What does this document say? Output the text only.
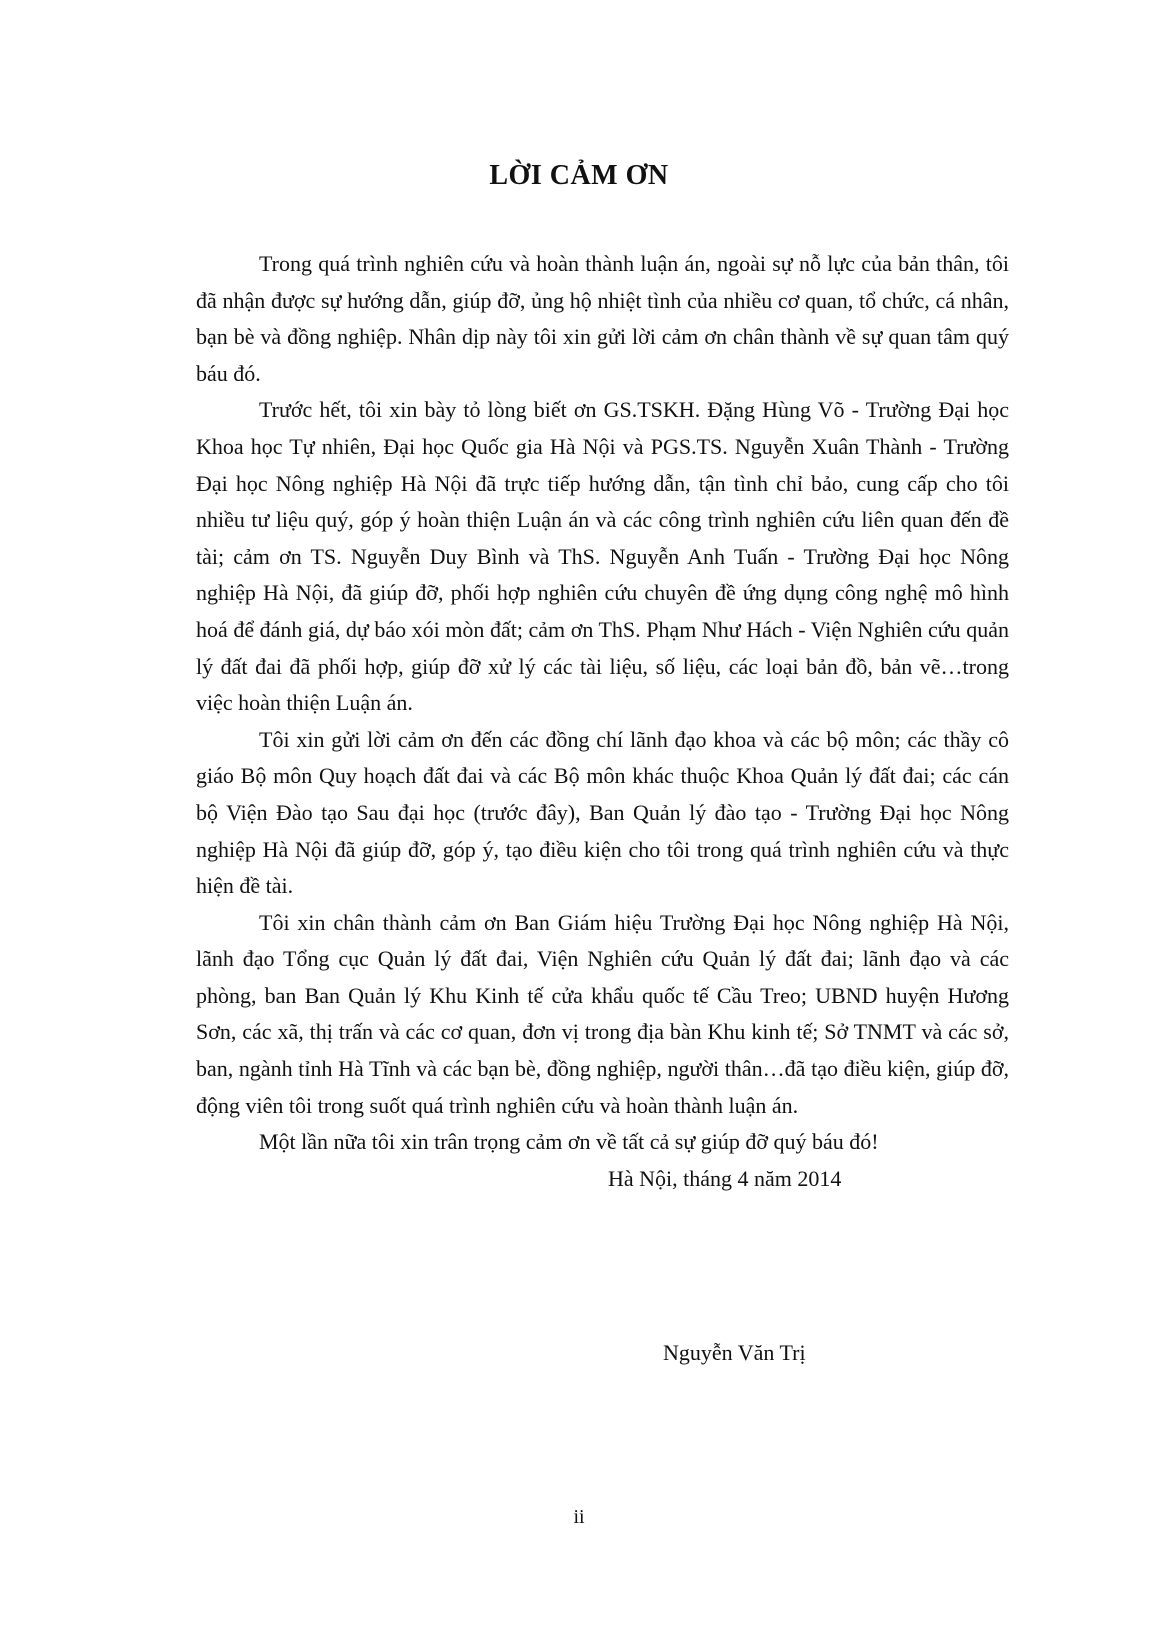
LỜI CẢM ƠN

Trong quá trình nghiên cứu và hoàn thành luận án, ngoài sự nỗ lực của bản thân, tôi đã nhận được sự hướng dẫn, giúp đỡ, ủng hộ nhiệt tình của nhiều cơ quan, tổ chức, cá nhân, bạn bè và đồng nghiệp. Nhân dịp này tôi xin gửi lời cảm ơn chân thành về sự quan tâm quý báu đó.

Trước hết, tôi xin bày tỏ lòng biết ơn GS.TSKH. Đặng Hùng Võ - Trường Đại học Khoa học Tự nhiên, Đại học Quốc gia Hà Nội và PGS.TS. Nguyễn Xuân Thành - Trường Đại học Nông nghiệp Hà Nội đã trực tiếp hướng dẫn, tận tình chỉ bảo, cung cấp cho tôi nhiều tư liệu quý, góp ý hoàn thiện Luận án và các công trình nghiên cứu liên quan đến đề tài; cảm ơn TS. Nguyễn Duy Bình và ThS. Nguyễn Anh Tuấn - Trường Đại học Nông nghiệp Hà Nội, đã giúp đỡ, phối hợp nghiên cứu chuyên đề ứng dụng công nghệ mô hình hoá để đánh giá, dự báo xói mòn đất; cảm ơn ThS. Phạm Như Hách - Viện Nghiên cứu quản lý đất đai đã phối hợp, giúp đỡ xử lý các tài liệu, số liệu, các loại bản đồ, bản vẽ…trong việc hoàn thiện Luận án.

Tôi xin gửi lời cảm ơn đến các đồng chí lãnh đạo khoa và các bộ môn; các thầy cô giáo Bộ môn Quy hoạch đất đai và các Bộ môn khác thuộc Khoa Quản lý đất đai; các cán bộ Viện Đào tạo Sau đại học (trước đây), Ban Quản lý đào tạo - Trường Đại học Nông nghiệp Hà Nội đã giúp đỡ, góp ý, tạo điều kiện cho tôi trong quá trình nghiên cứu và thực hiện đề tài.

Tôi xin chân thành cảm ơn Ban Giám hiệu Trường Đại học Nông nghiệp Hà Nội, lãnh đạo Tổng cục Quản lý đất đai, Viện Nghiên cứu Quản lý đất đai; lãnh đạo và các phòng, ban Ban Quản lý Khu Kinh tế cửa khẩu quốc tế Cầu Treo; UBND huyện Hương Sơn, các xã, thị trấn và các cơ quan, đơn vị trong địa bàn Khu kinh tế; Sở TNMT và các sở, ban, ngành tỉnh Hà Tĩnh và các bạn bè, đồng nghiệp, người thân…đã tạo điều kiện, giúp đỡ, động viên tôi trong suốt quá trình nghiên cứu và hoàn thành luận án.

Một lần nữa tôi xin trân trọng cảm ơn về tất cả sự giúp đỡ quý báu đó!

Hà Nội, tháng 4 năm 2014
Nguyễn Văn Trị
ii
